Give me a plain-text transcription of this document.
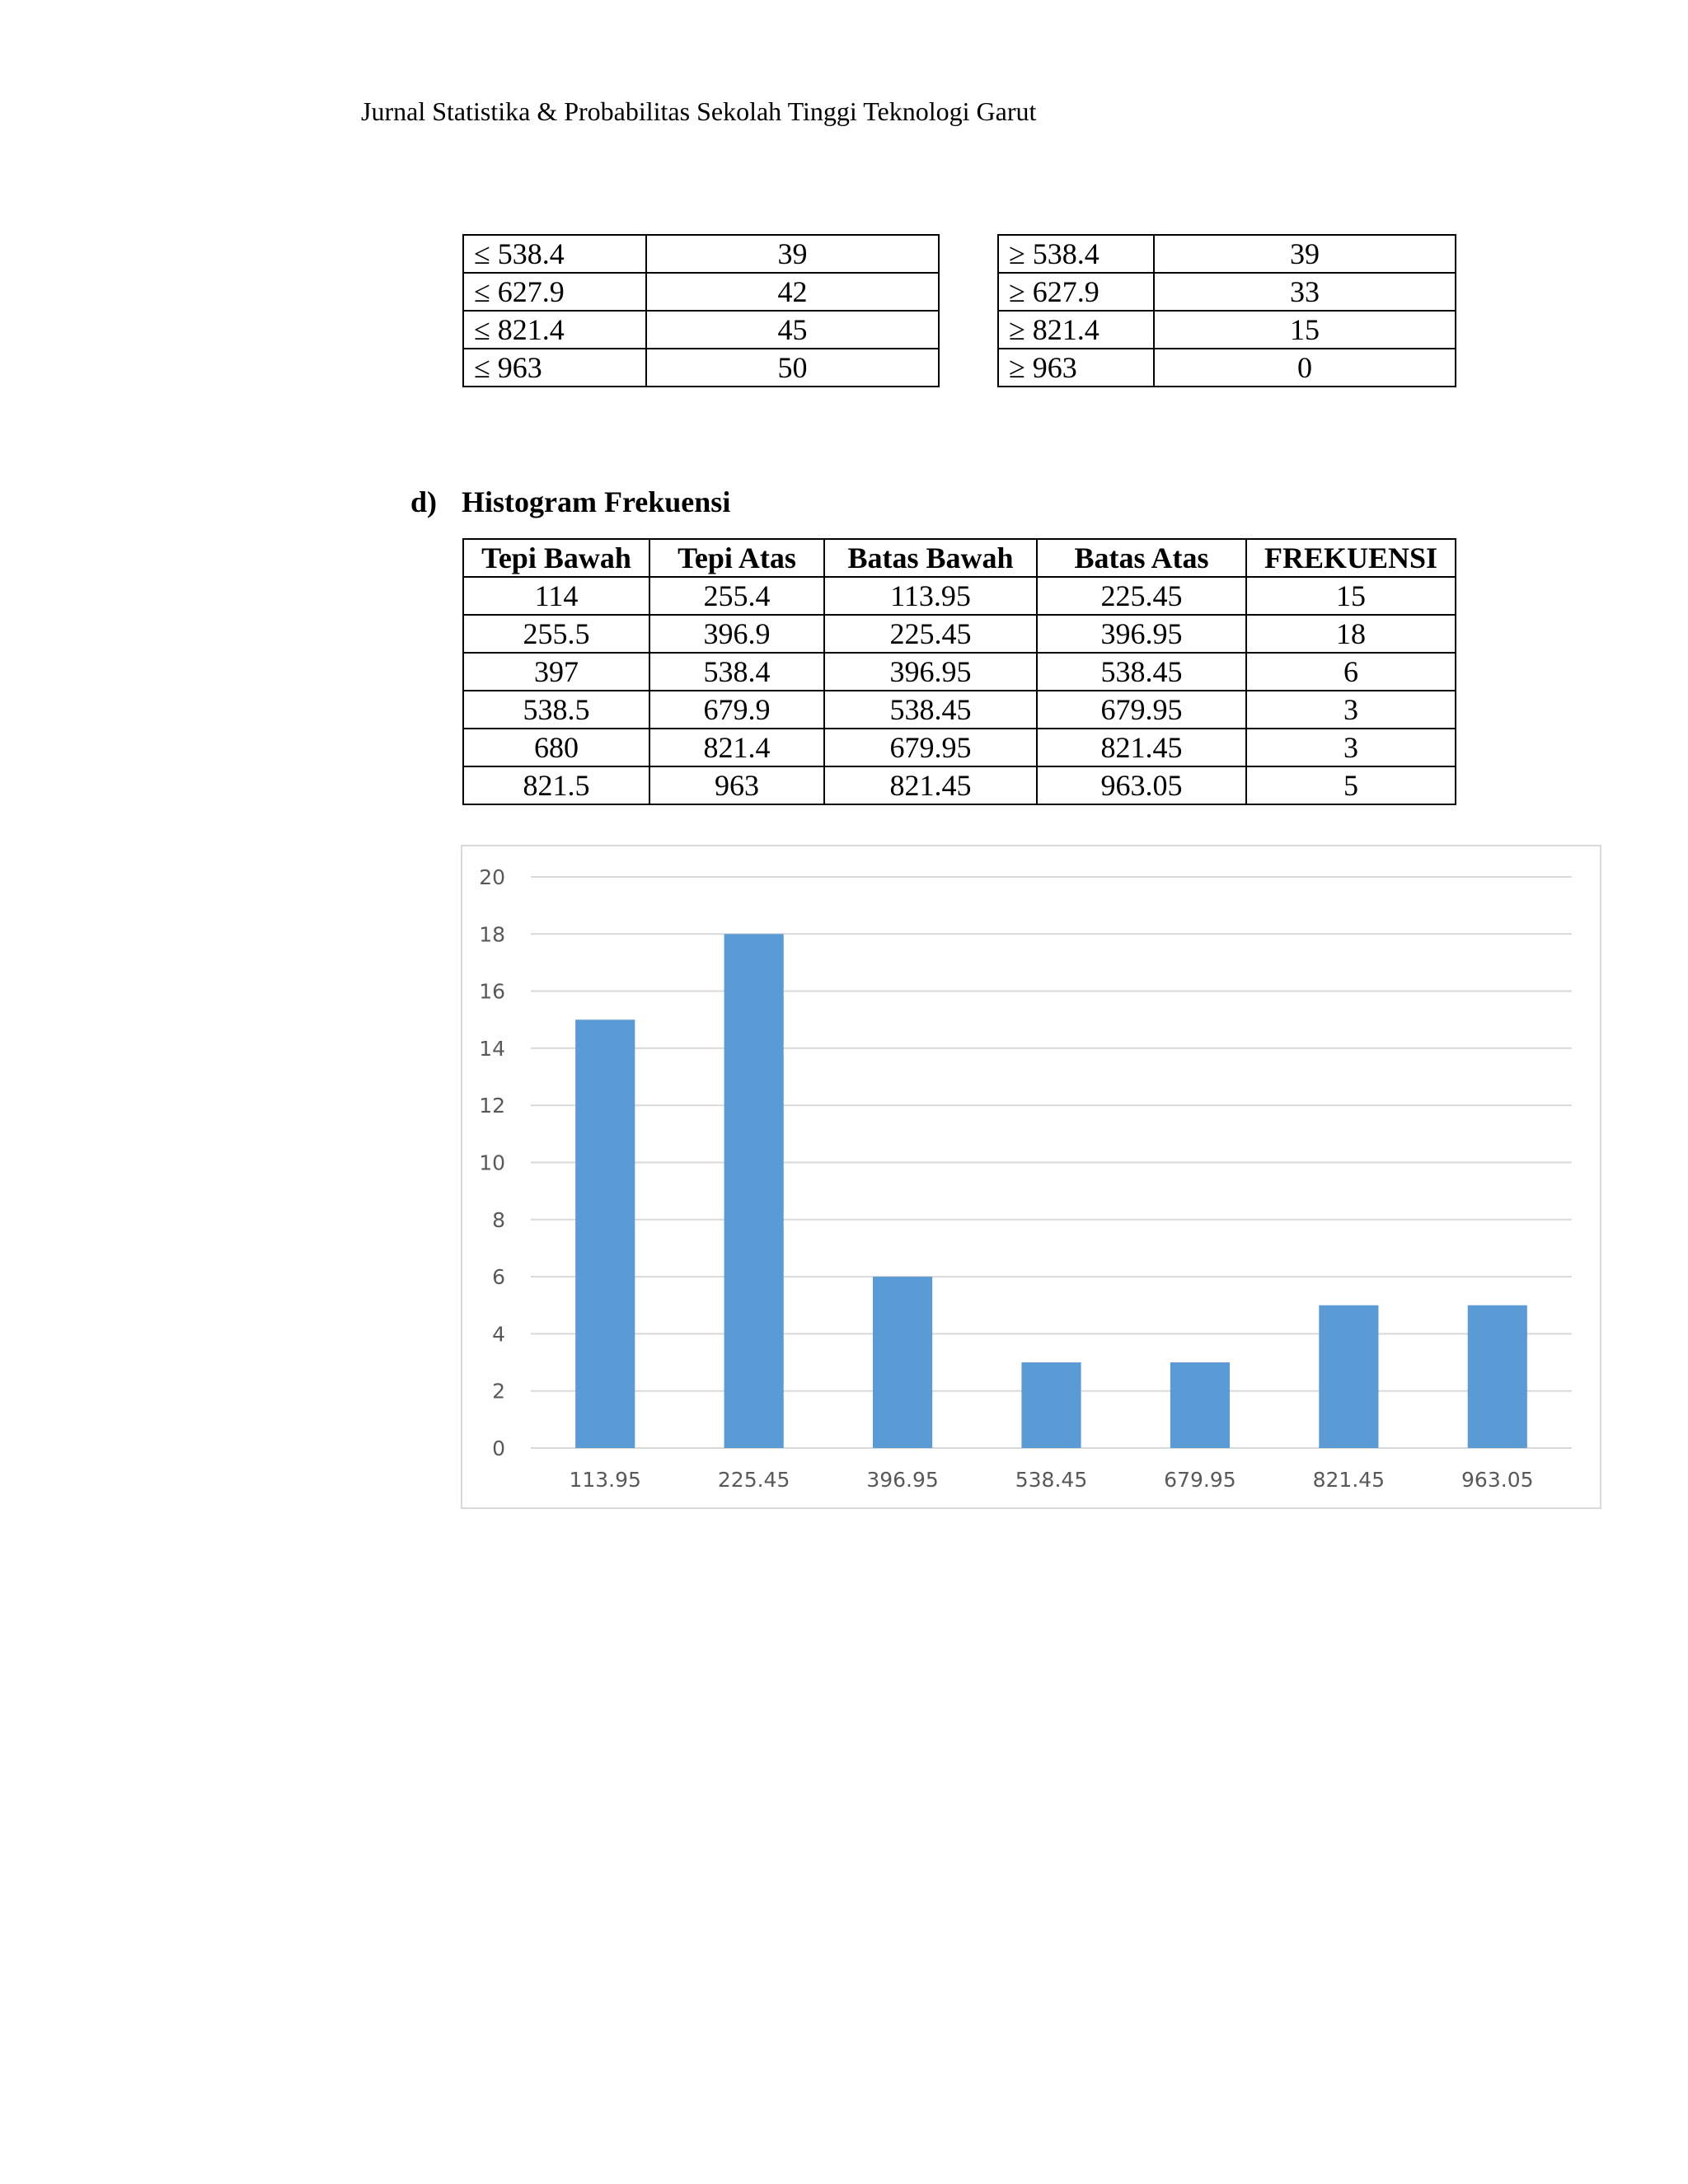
Jurnal Statistika & Probabilitas Sekolah Tinggi Teknologi Garut
≤ 538.4	39		≥ 538.4	39
≤ 627.9	42		≥ 627.9	33
≤ 821.4	45		≥ 821.4	15
≤ 963	50		≥ 963	0
d) Histogram Frekuensi
Tepi Bawah	Tepi Atas	Batas Bawah	Batas Atas	FREKUENSI
114	255.4	113.95	225.45	15
255.5	396.9	225.45	396.95	18
397	538.4	396.95	538.45	6
538.5	679.9	538.45	679.95	3
680	821.4	679.95	821.45	3
821.5	963	821.45	963.05	5
0
2
4
6
8
10
12
14
16
18
20
113.95	225.45	396.95	538.45	679.95	821.45	963.05
